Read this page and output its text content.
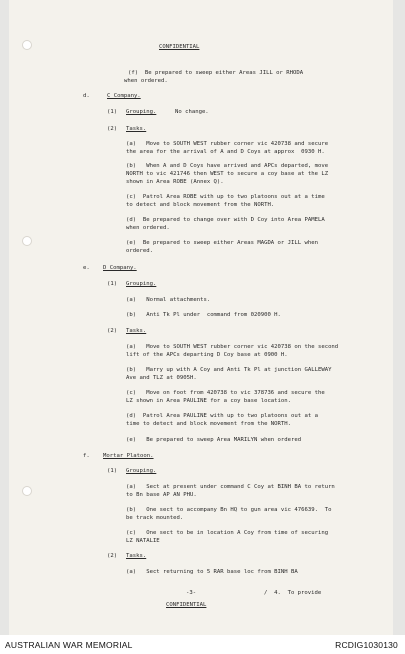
CONFIDENTIAL
(f)  Be prepared to sweep either Areas JILL or RHODA
when ordered.
d.	C Company.
(1) Grouping.	No change.
(2) Tasks.
(a)   Move to SOUTH WEST rubber corner vic 420738 and secure
the area for the arrival of A and D Coys at approx  0930 H.
(b)   When A and D Coys have arrived and APCs departed, move
NORTH to vic 421746 then WEST to secure a coy base at the LZ
shown in Area ROBE (Annex Q).
(c)  Patrol Area ROBE with up to two platoons out at a time
to detect and block movement from the NORTH.
(d)  Be prepared to change over with D Coy into Area PAMELA
when ordered.
(e)  Be prepared to sweep either Areas MAGDA or JILL when
ordered.
e. D Company.
(1) Grouping.
(a)   Normal attachments.
(b)   Anti Tk Pl under  command from 020900 H.
(2) Tasks.
(a)   Move to SOUTH WEST rubber corner vic 420738 on the second
lift of the APCs departing D Coy base at 0900 H.
(b)   Marry up with A Coy and Anti Tk Pl at junction GALLEWAY
Ave and TLZ at 0905H.
(c)   Move on foot from 420738 to vic 378736 and secure the
LZ shown in Area PAULINE for a coy base location.
(d)  Patrol Area PAULINE with up to two platoons out at a
time to detect and block movement from the NORTH.
(e)   Be prepared to sweep Area MARILYN when ordered
f. Mortar Platoon.
(1) Grouping.
(a)   Sect at present under command C Coy at BINH BA to return
to Bn base AP AN PHU.
(b)   One sect to accompany Bn HQ to gun area vic 476639.  To
be track mounted.
(c)   One sect to be in location A Coy from time of securing
LZ NATALIE
(2) Tasks.
(a)   Sect returning to 5 RAR base loc from BINH BA
-3-	/  4.  To provide
CONFIDENTIAL
AUSTRALIAN WAR MEMORIAL	RCDIG1030130
